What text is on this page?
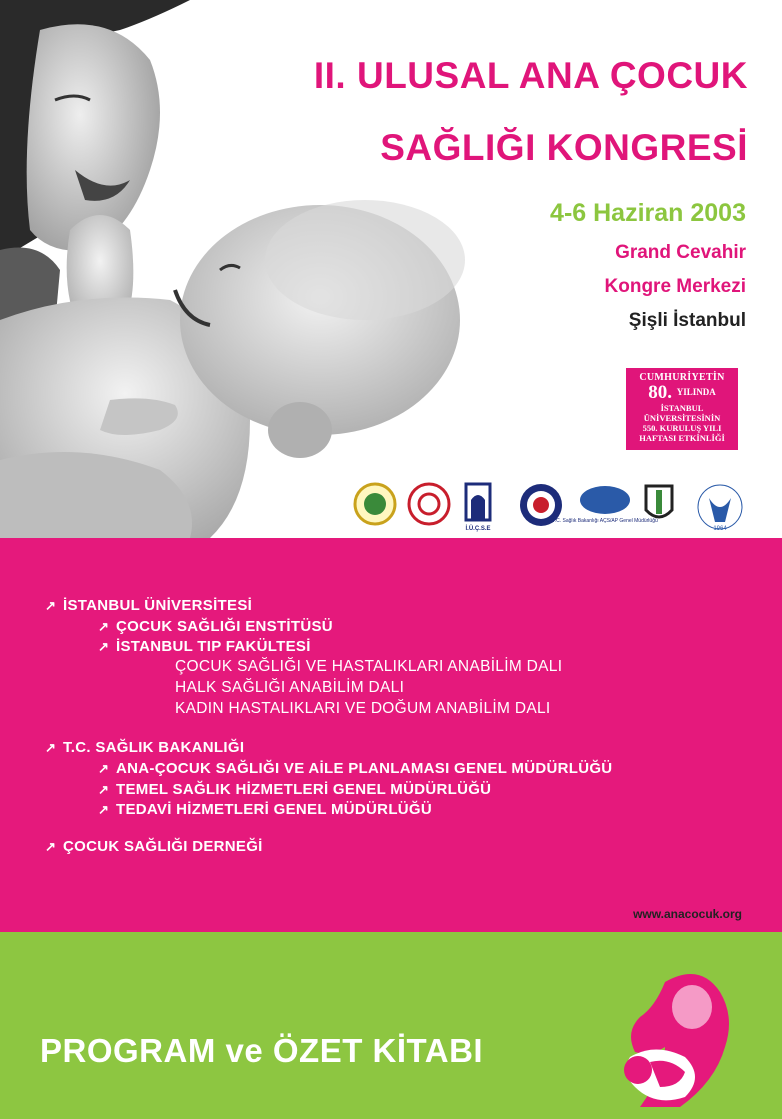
II. ULUSAL ANA ÇOCUK
SAĞLIĞI KONGRESİ
4-6 Haziran 2003
Grand Cevahir
Kongre Merkezi
Şişli İstanbul
CUMHURİYETİN
80. $^{YILINDA}$
İSTANBUL ÜNİVERSİTESİNİN
550. KURULUŞ YILI HAFTASI ETKİNLİĞİ
İ.Ü.Ç.S.E
T.C. Sağlık Bakanlığı AÇS/AP Genel Müdürlüğü
1964
↗ İSTANBUL ÜNİVERSİTESİ
↗ ÇOCUK SAĞLIĞI ENSTİTÜSÜ
↗ İSTANBUL TIP FAKÜLTESİ
ÇOCUK SAĞLIĞI VE HASTALIKLARI ANABİLİM DALI
HALK SAĞLIĞI ANABİLİM DALI
KADIN HASTALIKLARI VE DOĞUM ANABİLİM DALI
↗ T.C. SAĞLIK BAKANLIĞI
↗ ANA-ÇOCUK SAĞLIĞI VE AİLE PLANLAMASI GENEL MÜDÜRLÜĞÜ
↗ TEMEL SAĞLIK HİZMETLERİ GENEL MÜDÜRLÜĞÜ
↗ TEDAVİ HİZMETLERİ GENEL MÜDÜRLÜĞÜ
↗ ÇOCUK SAĞLIĞI DERNEĞİ
www.anacocuk.org
PROGRAM ve ÖZET KİTABI
